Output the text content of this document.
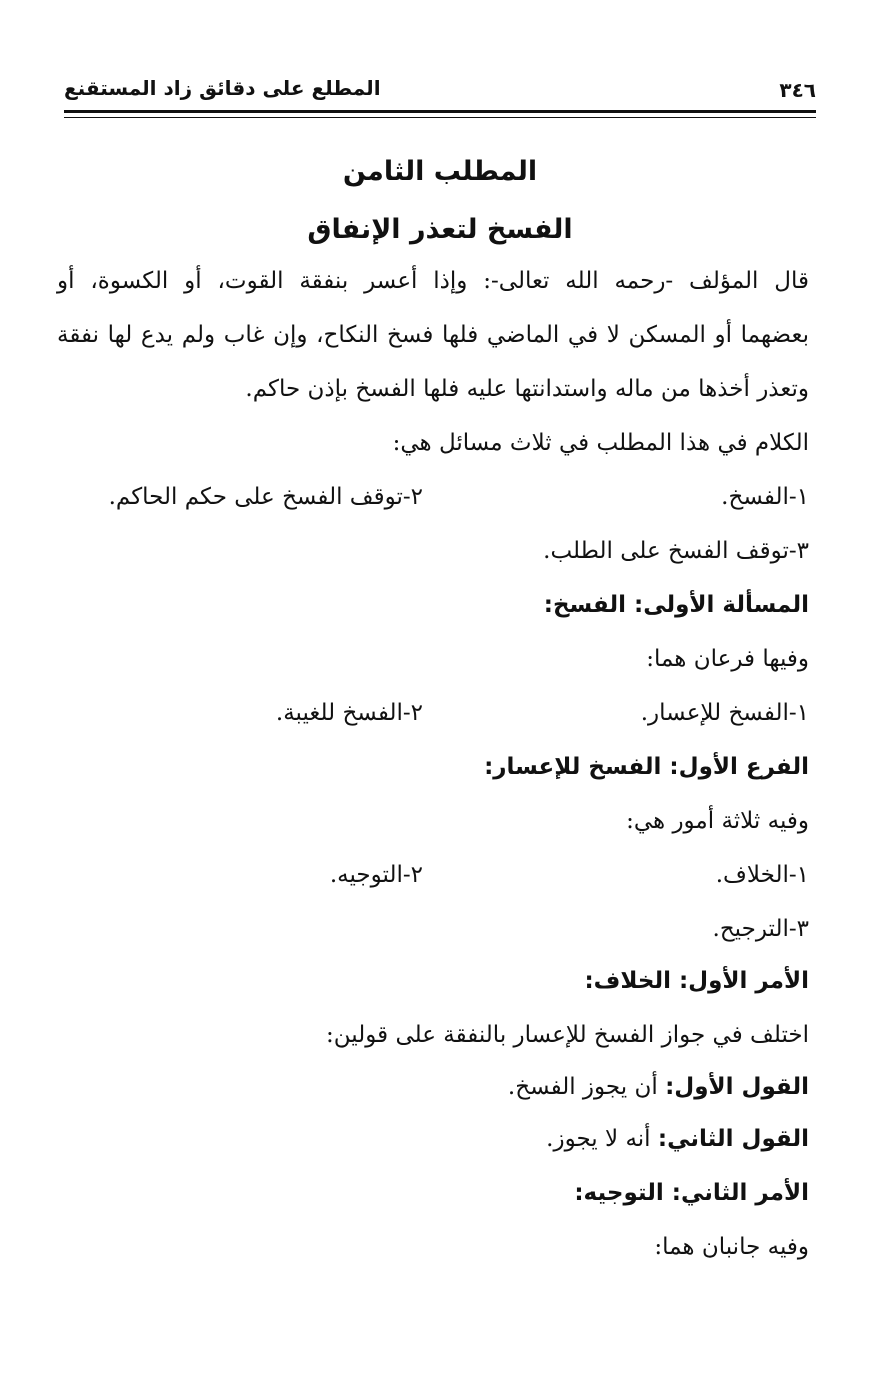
٣٤٦
المطلع على دقائق زاد المستقنع
المطلب الثامن
الفسخ لتعذر الإنفاق
قال المؤلف -رحمه الله تعالى-: وإذا أعسر بنفقة القوت، أو الكسوة، أو
بعضهما أو المسكن لا في الماضي فلها فسخ النكاح، وإن غاب ولم يدع لها نفقة
وتعذر أخذها من ماله واستدانتها عليه فلها الفسخ بإذن حاكم.
الكلام في هذا المطلب في ثلاث مسائل هي:
١-الفسخ.
٢-توقف الفسخ على حكم الحاكم.
٣-توقف الفسخ على الطلب.
المسألة الأولى: الفسخ:
وفيها فرعان هما:
١-الفسخ للإعسار.
٢-الفسخ للغيبة.
الفرع الأول: الفسخ للإعسار:
وفيه ثلاثة أمور هي:
١-الخلاف.
٢-التوجيه.
٣-الترجيح.
الأمر الأول: الخلاف:
اختلف في جواز الفسخ للإعسار بالنفقة على قولين:
القول الأول: أن يجوز الفسخ.
القول الثاني: أنه لا يجوز.
الأمر الثاني: التوجيه:
وفيه جانبان هما:
